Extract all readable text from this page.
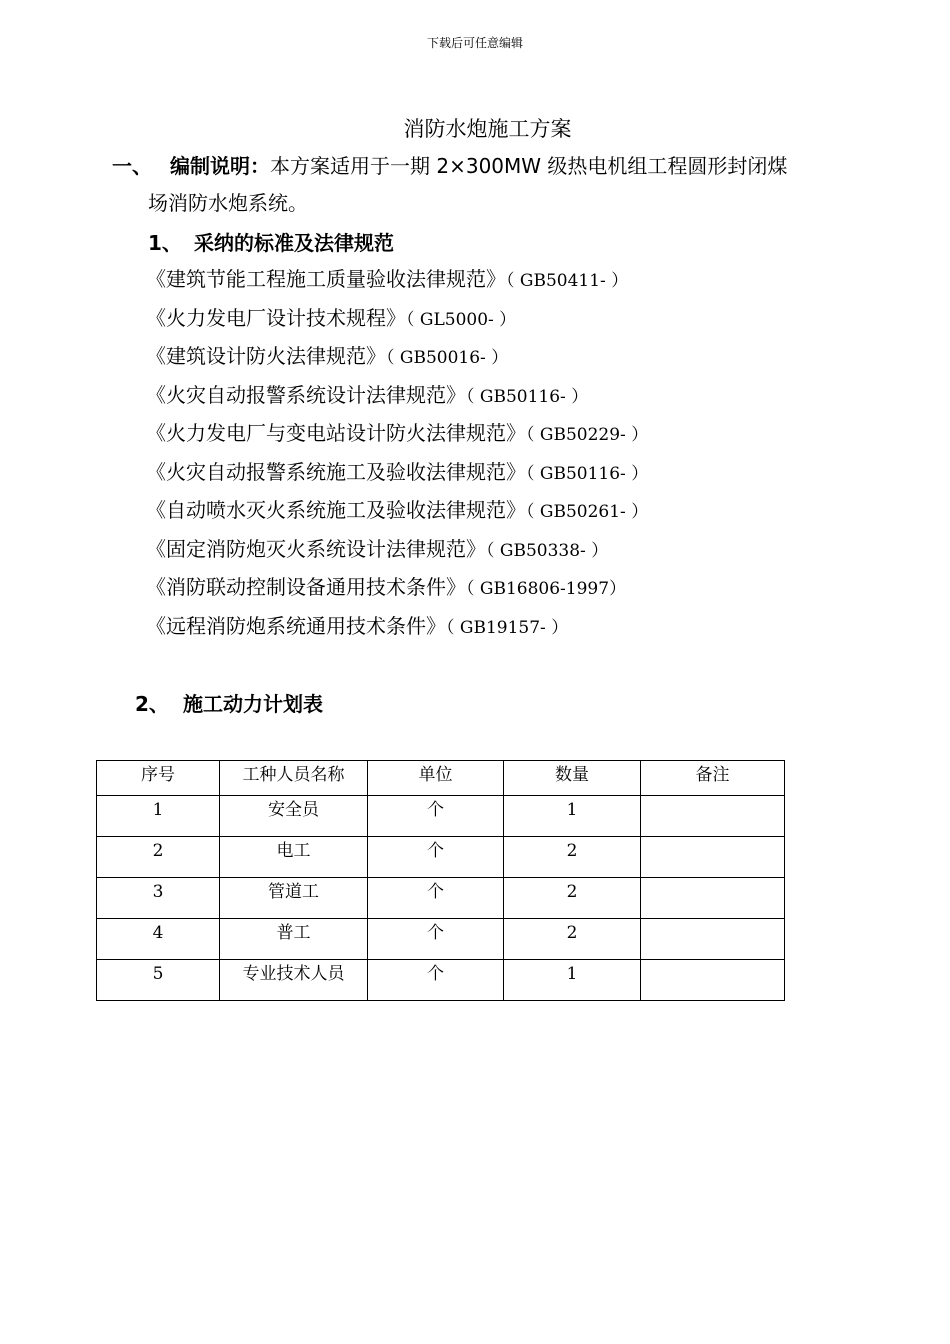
下载后可任意编辑
消防水炮施工方案
一、 编制说明：本方案适用于一期 2×300MW 级热电机组工程圆形封闭煤
场消防水炮系统。
1、 采纳的标准及法律规范
《建筑节能工程施工质量验收法律规范》（ GB50411- ）
《火力发电厂设计技术规程》（ GL5000- ）
《建筑设计防火法律规范》（ GB50016- ）
《火灾自动报警系统设计法律规范》（ GB50116- ）
《火力发电厂与变电站设计防火法律规范》（ GB50229- ）
《火灾自动报警系统施工及验收法律规范》（ GB50116- ）
《自动喷水灭火系统施工及验收法律规范》（ GB50261- ）
《固定消防炮灭火系统设计法律规范》（ GB50338- ）
《消防联动控制设备通用技术条件》（ GB16806-1997）
《远程消防炮系统通用技术条件》（ GB19157- ）
2、 施工动力计划表
序号	工种人员名称	单位	数量	备注
1	安全员	个	1	
2	电工	个	2	
3	管道工	个	2	
4	普工	个	2	
5	专业技术人员	个	1	
